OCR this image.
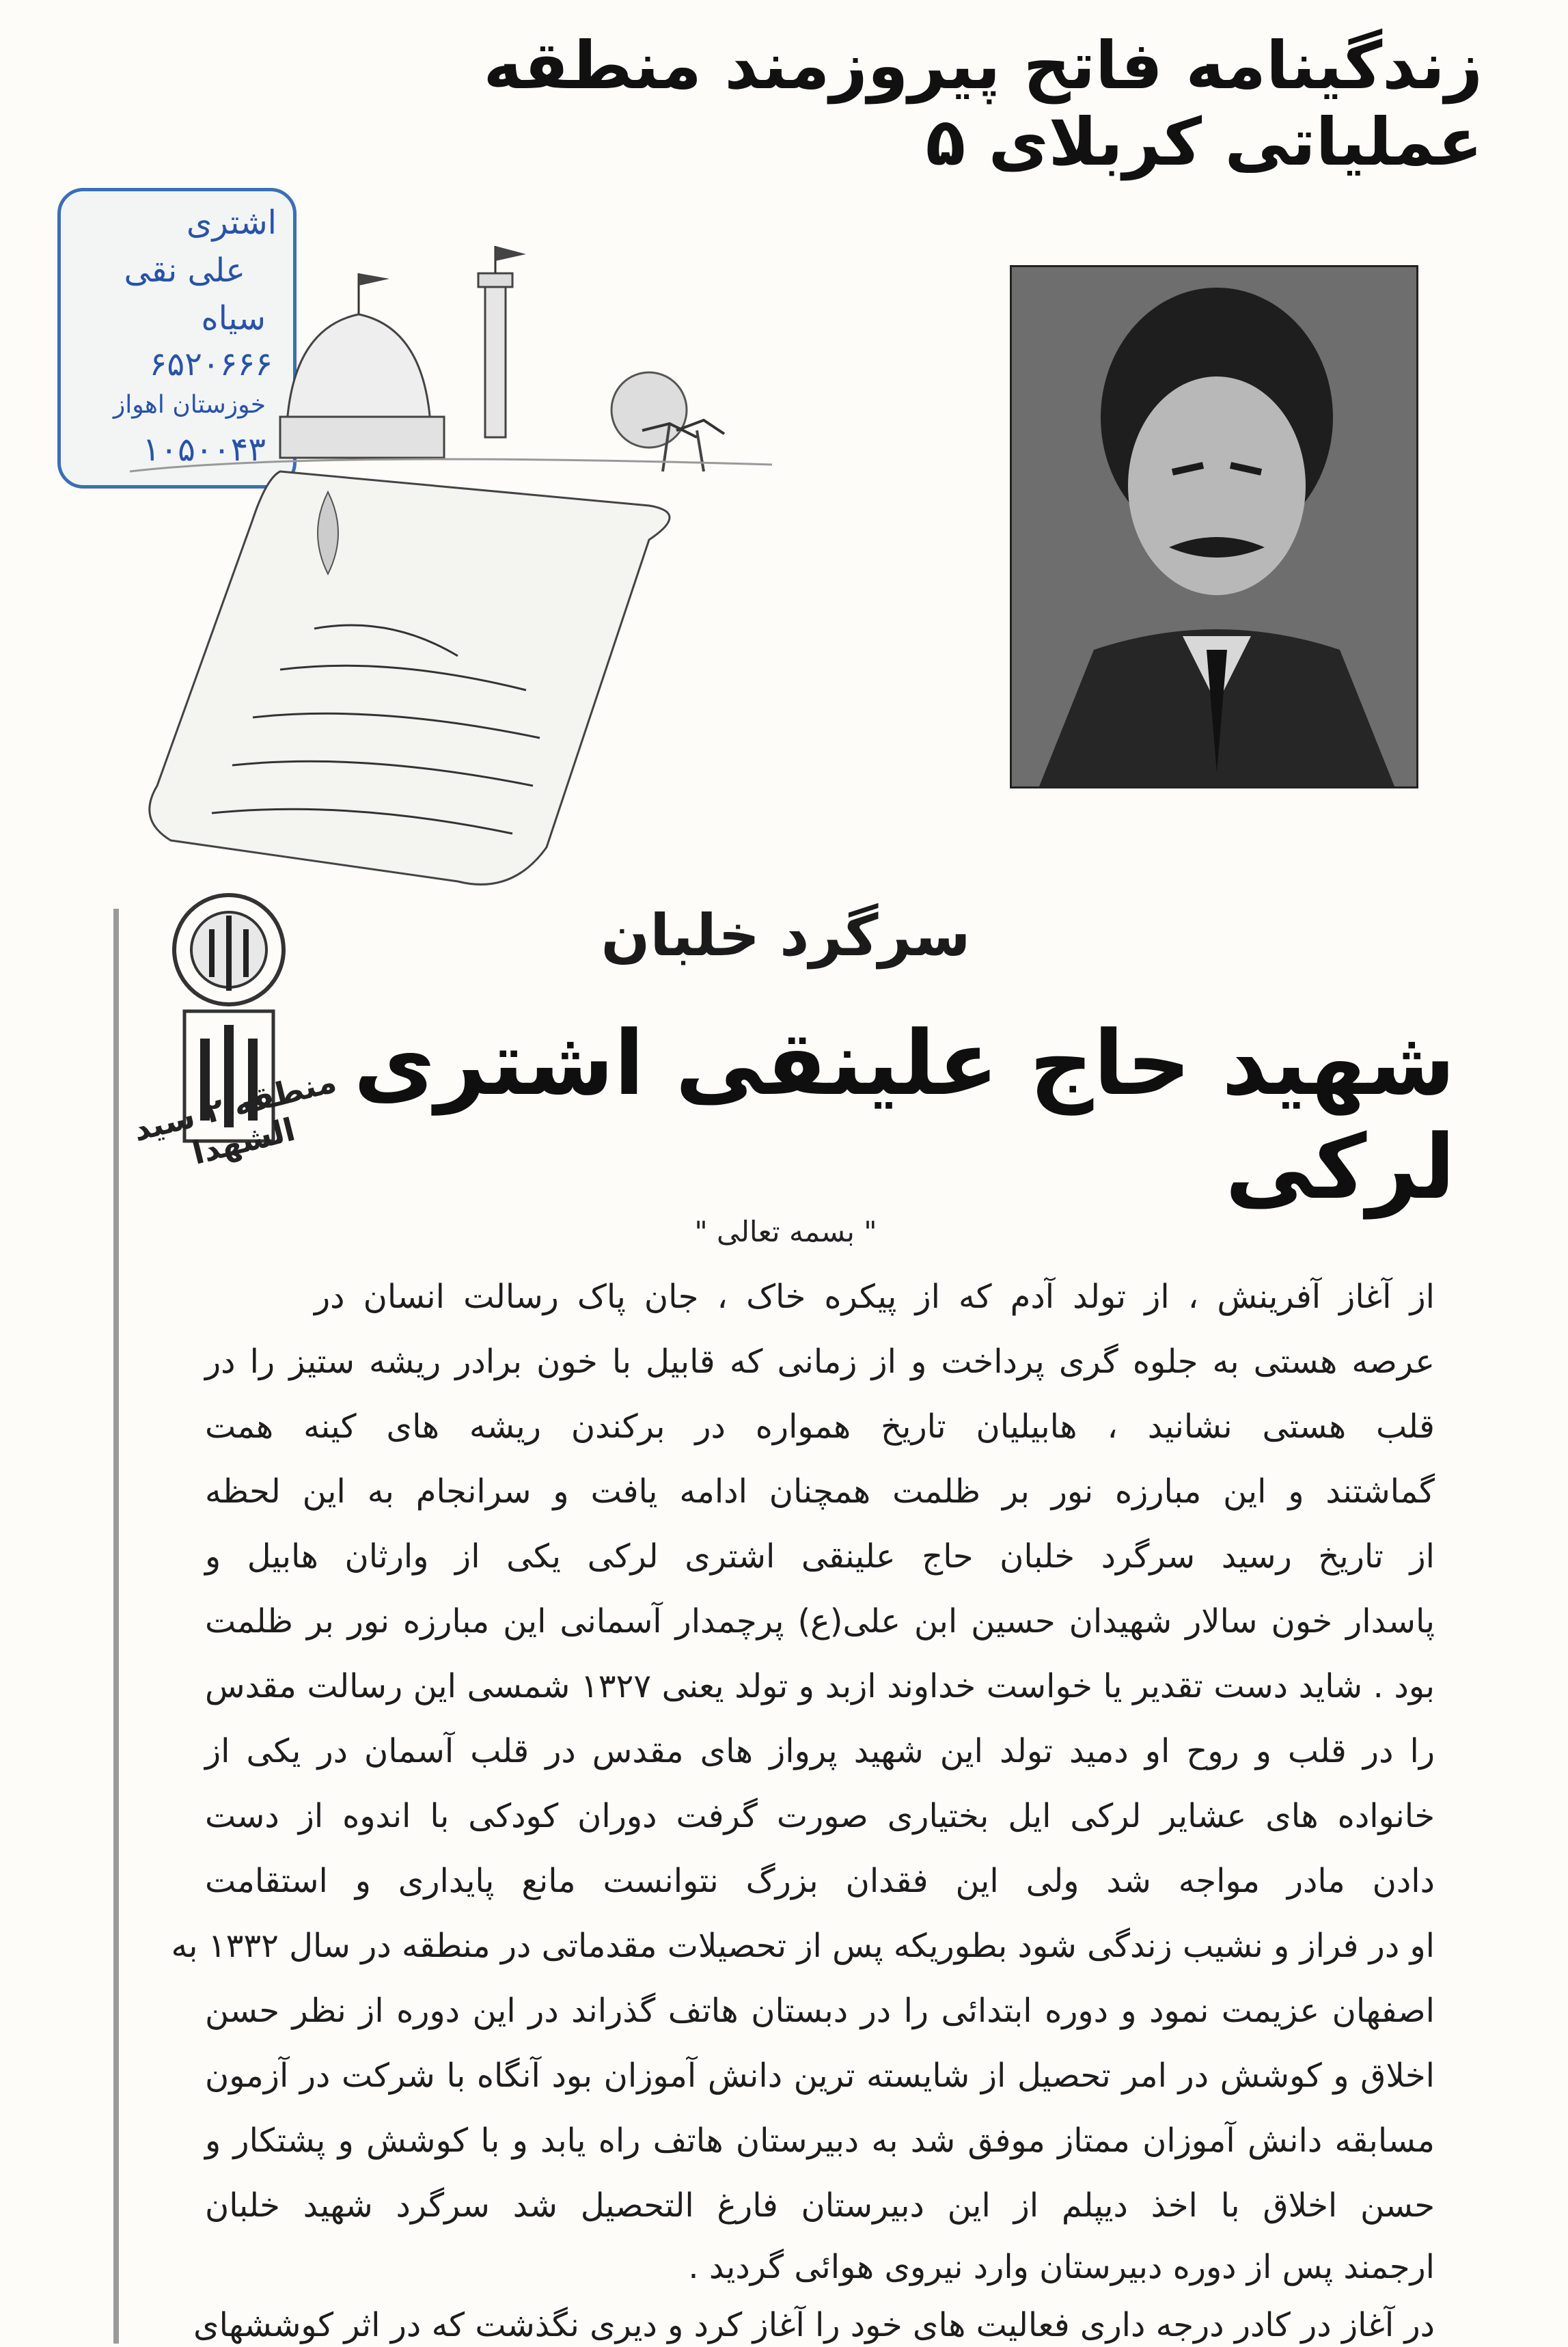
زندگینامه فاتح پیروزمند منطقه عملیاتی کربلای ۵
اشتری
علی نقی
سیاه
۶۵۲۰۶۶۶
خوزستان اهواز
۱۰۵۰۰۴۳
منطقه ۲ سید الشهدا
سرگرد خلبان
شهید حاج علینقی اشتری لرکی
" بسمه تعالی "
از آغاز آفرینش ، از تولد آدم که از پیکره خاک ، جان پاک رسالت انسان در
عرصه هستی به جلوه گری پرداخت و از زمانی که قابیل با خون برادر ریشه ستیز را در
قلب هستی نشانید ، هابیلیان تاریخ همواره در برکندن ریشه های کینه همت
گماشتند و این مبارزه نور بر ظلمت همچنان ادامه یافت و سرانجام به این لحظه
از تاریخ رسید سرگرد خلبان حاج علینقی اشتری لرکی یکی از وارثان هابیل و
پاسدار خون سالار شهیدان حسین ابن علی(ع) پرچمدار آسمانی این مبارزه نور بر ظلمت
بود . شاید دست تقدیر یا خواست خداوند ازبد و تولد یعنی ۱۳۲۷ شمسی این رسالت مقدس
را در قلب و روح او دمید تولد این شهید پرواز های مقدس در قلب آسمان در یکی از
خانواده های عشایر لرکی ایل بختیاری صورت گرفت دوران کودکی با اندوه از دست
دادن مادر مواجه شد ولی این فقدان بزرگ نتوانست مانع پایداری و استقامت
او در فراز و نشیب زندگی شود بطوریکه پس از تحصیلات مقدماتی در منطقه در سال ۱۳۳۲ به
اصفهان عزیمت نمود و دوره ابتدائی را در دبستان هاتف گذراند در این دوره از نظر حسن
اخلاق و کوشش در امر تحصیل از شایسته ترین دانش آموزان بود آنگاه با شرکت در آزمون
مسابقه دانش آموزان ممتاز موفق شد به دبیرستان هاتف راه یابد و با کوشش و پشتکار و
حسن اخلاق با اخذ دیپلم از این دبیرستان فارغ التحصیل شد سرگرد شهید خلبان
ارجمند پس از دوره دبیرستان وارد نیروی هوائی گردید .
در آغاز در کادر درجه داری فعالیت های خود را آغاز کرد و دیری نگذشت که در اثر کوششهای
